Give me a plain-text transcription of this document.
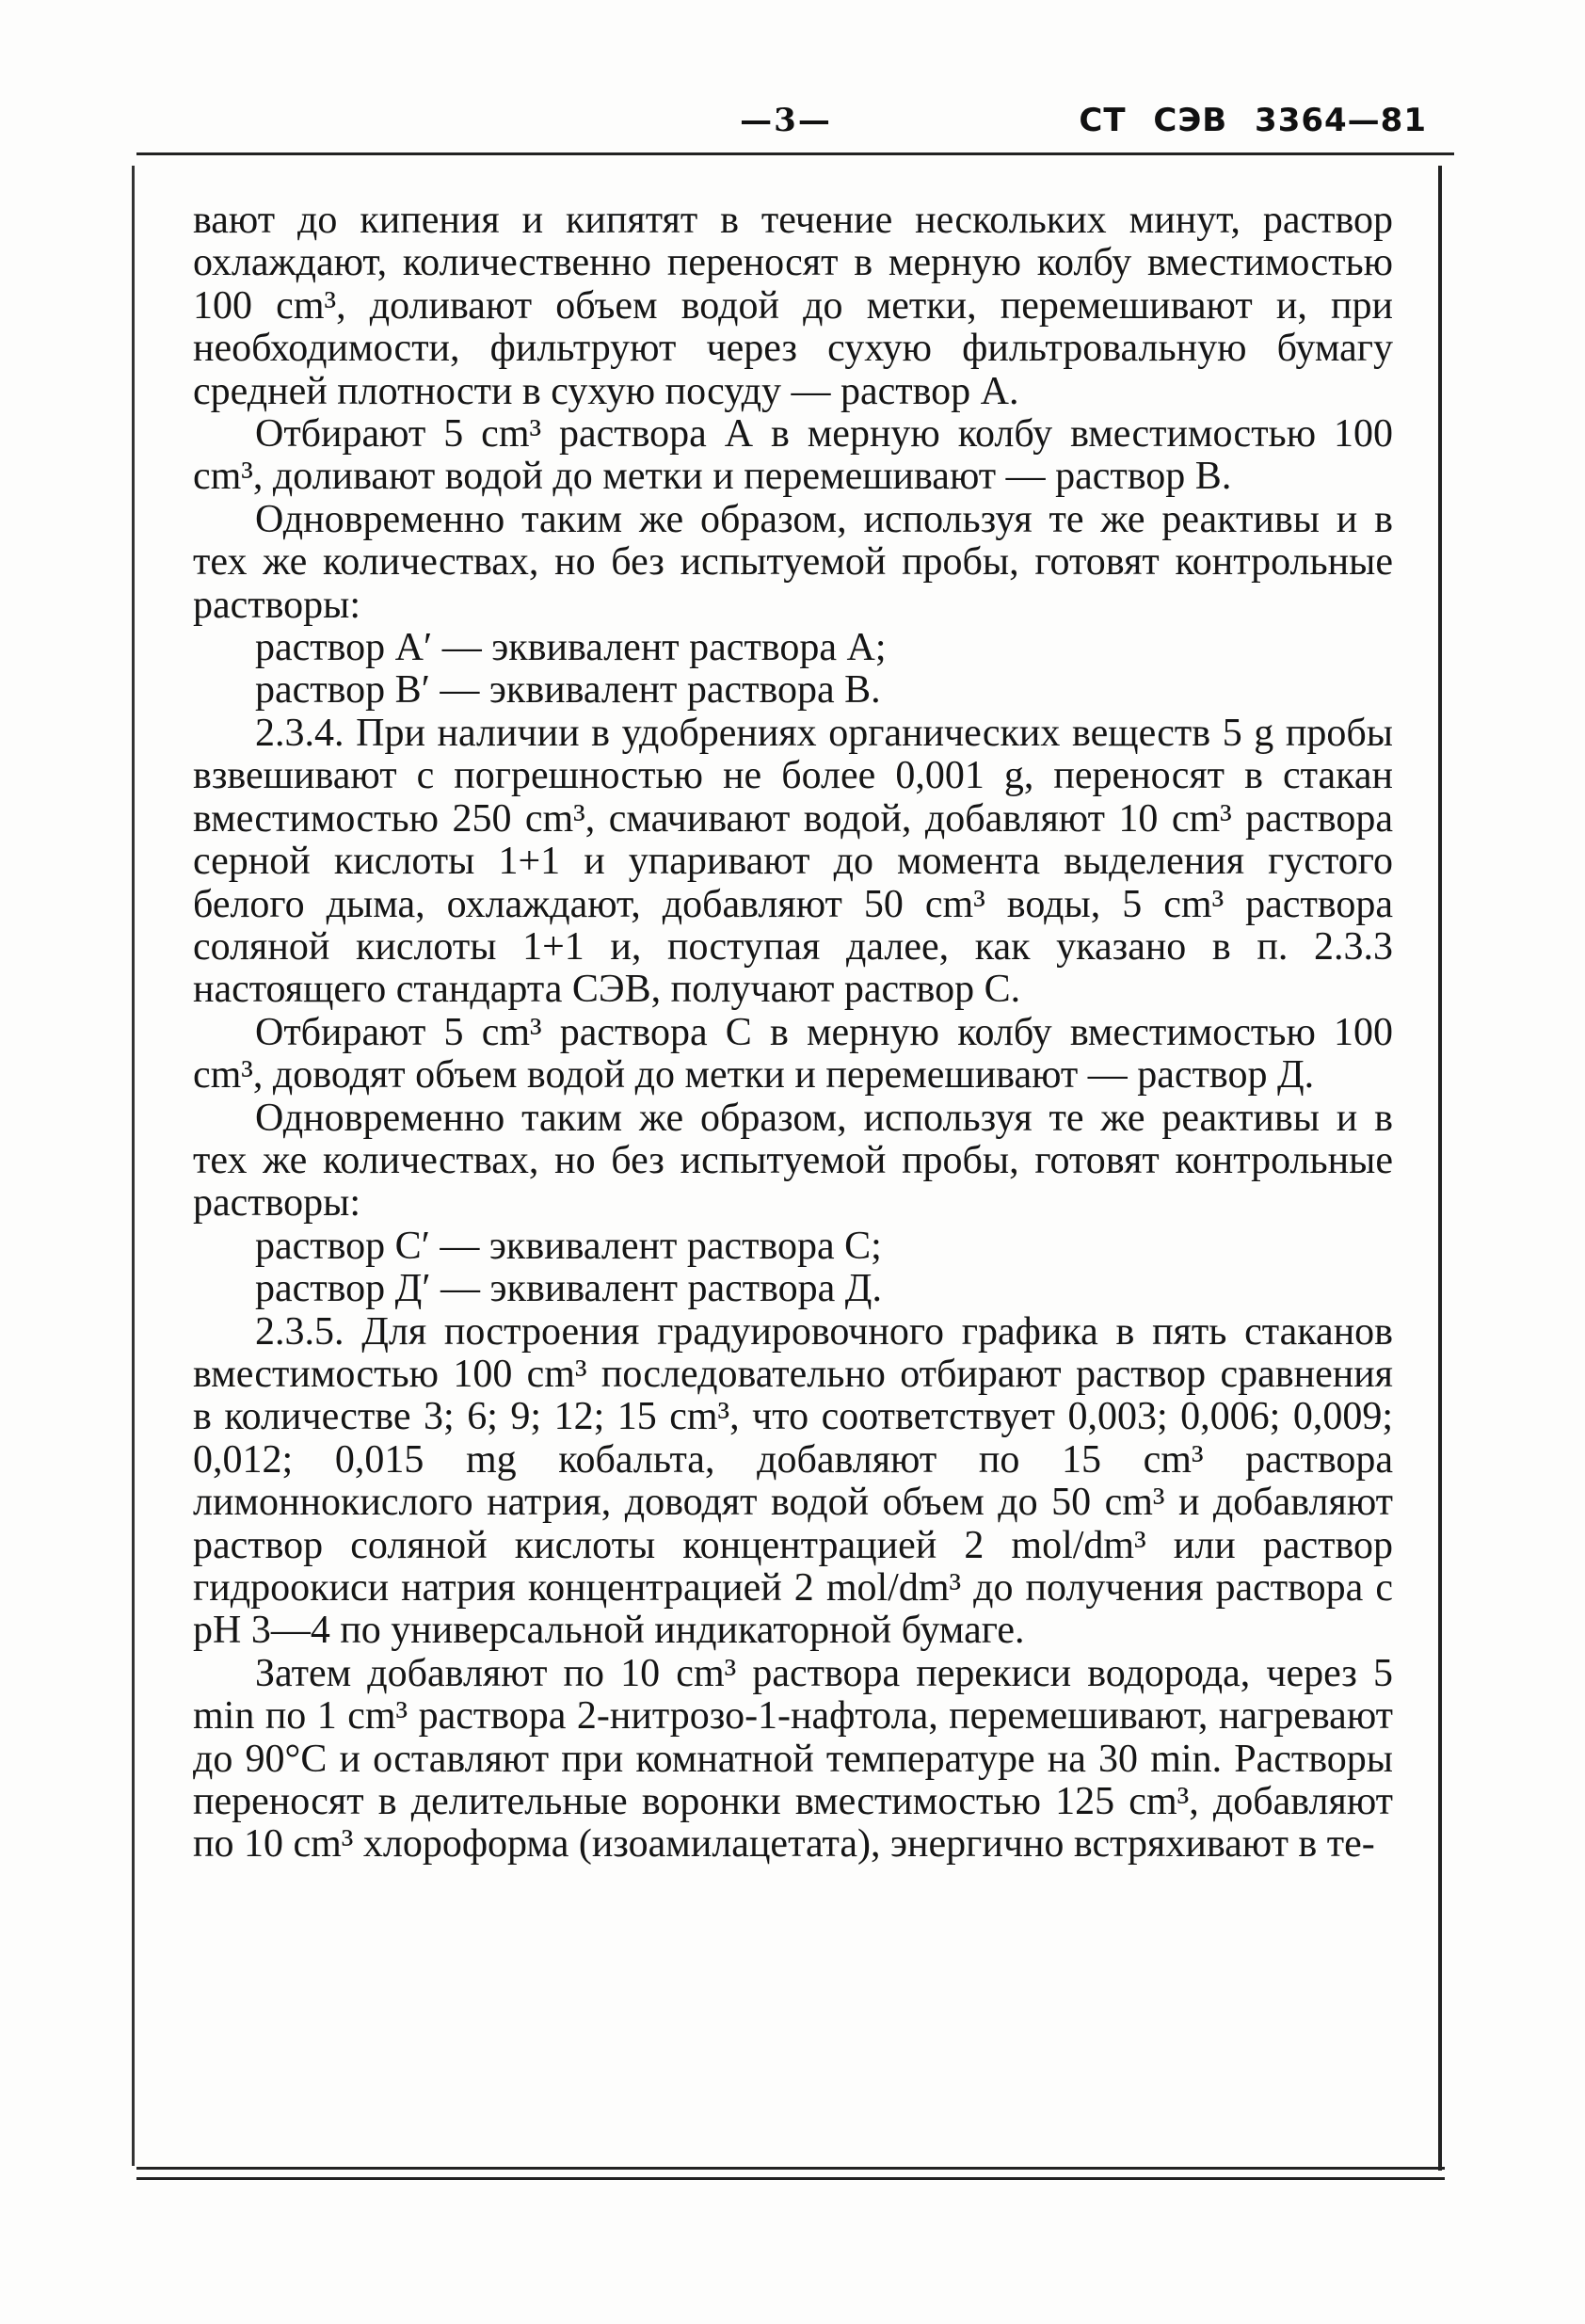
—3—	СТ СЭВ 3364—81

вают до кипения и кипятят в течение нескольких минут, раствор охлаждают, количественно переносят в мерную колбу вместимостью 100 cm³, доливают объем водой до метки, перемешивают и, при необходимости, фильтруют через сухую фильтровальную бумагу средней плотности в сухую посуду — раствор А.

Отбирают 5 cm³ раствора А в мерную колбу вместимостью 100 cm³, доливают водой до метки и перемешивают — раствор В.

Одновременно таким же образом, используя те же реактивы и в тех же количествах, но без испытуемой пробы, готовят контрольные растворы:

раствор А′ — эквивалент раствора А;

раствор В′ — эквивалент раствора В.

2.3.4. При наличии в удобрениях органических веществ 5 g пробы взвешивают с погрешностью не более 0,001 g, переносят в стакан вместимостью 250 cm³, смачивают водой, добавляют 10 cm³ раствора серной кислоты 1+1 и упаривают до момента выделения густого белого дыма, охлаждают, добавляют 50 cm³ воды, 5 cm³ раствора соляной кислоты 1+1 и, поступая далее, как указано в п. 2.3.3 настоящего стандарта СЭВ, получают раствор С.

Отбирают 5 cm³ раствора С в мерную колбу вместимостью 100 cm³, доводят объем водой до метки и перемешивают — раствор Д.

Одновременно таким же образом, используя те же реактивы и в тех же количествах, но без испытуемой пробы, готовят контрольные растворы:

раствор С′ — эквивалент раствора С;

раствор Д′ — эквивалент раствора Д.

2.3.5. Для построения градуировочного графика в пять стаканов вместимостью 100 cm³ последовательно отбирают раствор сравнения в количестве 3; 6; 9; 12; 15 cm³, что соответствует 0,003; 0,006; 0,009; 0,012; 0,015 mg кобальта, добавляют по 15 cm³ раствора лимоннокислого натрия, доводят водой объем до 50 cm³ и добавляют раствор соляной кислоты концентрацией 2 mol/dm³ или раствор гидроокиси натрия концентрацией 2 mol/dm³ до получения раствора с pH 3—4 по универсальной индикаторной бумаге.

Затем добавляют по 10 cm³ раствора перекиси водорода, через 5 min по 1 cm³ раствора 2-нитрозо-1-нафтола, перемешивают, нагревают до 90°С и оставляют при комнатной температуре на 30 min. Растворы переносят в делительные воронки вместимостью 125 cm³, добавляют по 10 cm³ хлороформа (изоамилацетата), энергично встряхивают в те-
